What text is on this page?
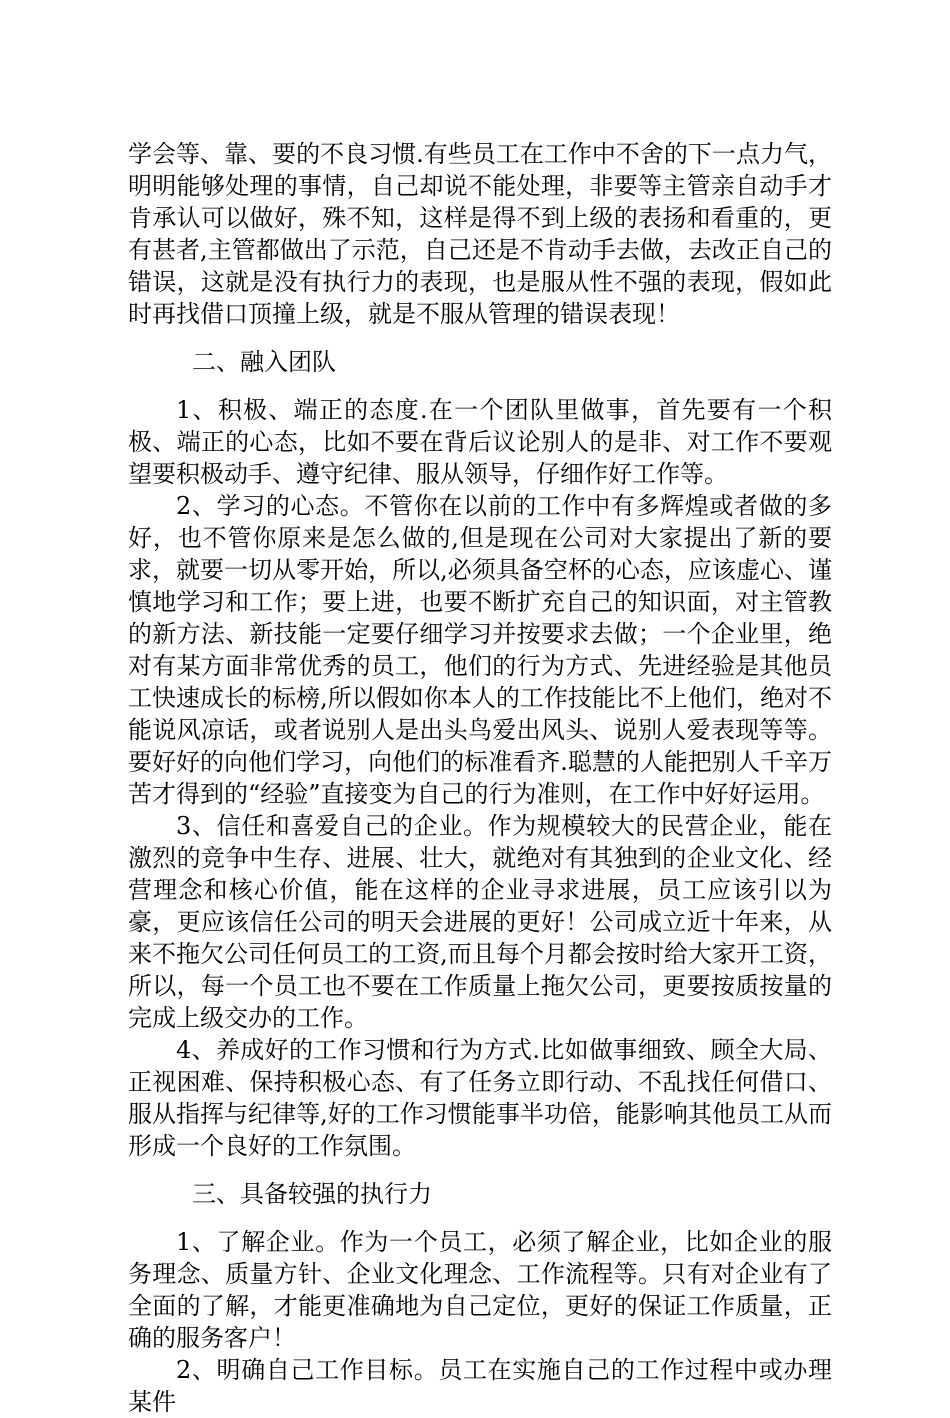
学会等、靠、要的不良习惯.有些员工在工作中不舍的下一点力气，明明能够处理的事情，自己却说不能处理，非要等主管亲自动手才肯承认可以做好，殊不知，这样是得不到上级的表扬和看重的，更有甚者,主管都做出了示范，自己还是不肯动手去做，去改正自己的错误，这就是没有执行力的表现，也是服从性不强的表现，假如此时再找借口顶撞上级，就是不服从管理的错误表现！

二、融入团队

1、积极、端正的态度.在一个团队里做事，首先要有一个积极、端正的心态，比如不要在背后议论别人的是非、对工作不要观望要积极动手、遵守纪律、服从领导，仔细作好工作等。

2、学习的心态。不管你在以前的工作中有多辉煌或者做的多好，也不管你原来是怎么做的,但是现在公司对大家提出了新的要求，就要一切从零开始，所以,必须具备空杯的心态，应该虚心、谨慎地学习和工作；要上进，也要不断扩充自己的知识面，对主管教的新方法、新技能一定要仔细学习并按要求去做；一个企业里，绝对有某方面非常优秀的员工，他们的行为方式、先进经验是其他员工快速成长的标榜,所以假如你本人的工作技能比不上他们，绝对不能说风凉话，或者说别人是出头鸟爱出风头、说别人爱表现等等。要好好的向他们学习，向他们的标准看齐.聪慧的人能把别人千辛万苦才得到的“经验”直接变为自己的行为准则，在工作中好好运用。

3、信任和喜爱自己的企业。作为规模较大的民营企业，能在激烈的竞争中生存、进展、壮大，就绝对有其独到的企业文化、经营理念和核心价值，能在这样的企业寻求进展，员工应该引以为豪，更应该信任公司的明天会进展的更好！公司成立近十年来，从来不拖欠公司任何员工的工资,而且每个月都会按时给大家开工资，所以，每一个员工也不要在工作质量上拖欠公司，更要按质按量的完成上级交办的工作。

4、养成好的工作习惯和行为方式.比如做事细致、顾全大局、正视困难、保持积极心态、有了任务立即行动、不乱找任何借口、服从指挥与纪律等,好的工作习惯能事半功倍，能影响其他员工从而形成一个良好的工作氛围。

三、具备较强的执行力

1、了解企业。作为一个员工，必须了解企业，比如企业的服务理念、质量方针、企业文化理念、工作流程等。只有对企业有了全面的了解，才能更准确地为自己定位，更好的保证工作质量，正确的服务客户！

2、明确自己工作目标。员工在实施自己的工作过程中或办理某件
